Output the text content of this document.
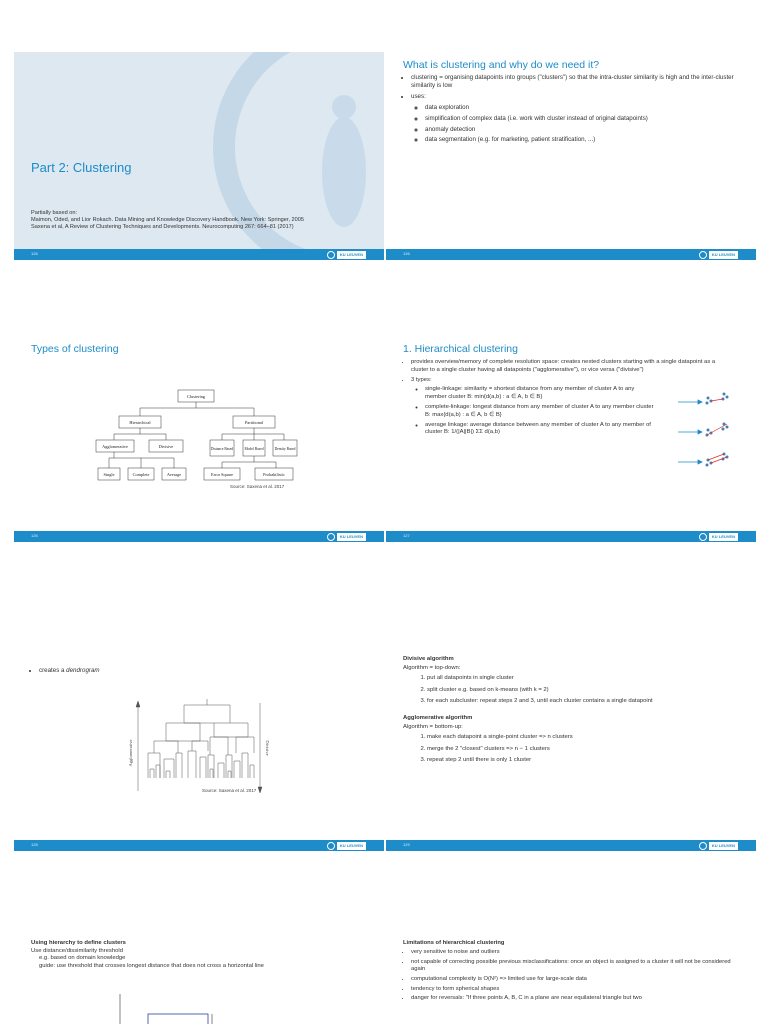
Part 2: Clustering
Partially based on:
Maimon, Oded, and Lior Rokach. Data Mining and Knowledge Discovery Handbook. New York: Springer, 2005
Saxena et al, A Review of Clustering Techniques and Developments. Neurocomputing 267: 664–81 (2017)
126	KU LEUVEN
What is clustering and why do we need it?
• clustering = organising datapoints into groups ("clusters") so that the intra-cluster similarity is high and the inter-cluster similarity is low
• uses:
◦ data exploration
◦ simplification of complex data (i.e. work with cluster instead of original datapoints)
◦ anomaly detection
◦ data segmentation (e.g. for marketing, patient stratification, ...)
126	KU LEUVEN
Types of clustering
Clustering
Hierarchical	Partitional
Agglomerative	Divisive	Distance Based	Model Based	Density Based
Single	Complete	Average	Error Square	Probabilistic
Source: Saxena et al. 2017
126	KU LEUVEN
1. Hierarchical clustering
• provides overview/memory of complete resolution space: creates nested clusters starting with a single datapoint as a cluster to a single cluster having all datapoints ("agglomerative"), or vice versa ("divisive")
• 3 types:
◦ single-linkage: similarity = shortest distance from any member of cluster A to any member cluster B: min{d(a,b) : a ∈ A, b ∈ B}
◦ complete-linkage: longest distance from any member of cluster A to any member cluster B: max{d(a,b) : a ∈ A, b ∈ B}
◦ average linkage: average distance between any member of cluster A to any member of cluster B: 1/(|A||B|) ΣΣ d(a,b)
127	KU LEUVEN
• creates a dendrogram
Agglomerative	Divisive
Source: Saxena et al. 2017
128	KU LEUVEN
Divisive algorithm
Algorithm = top-down:
1. put all datapoints in single cluster
2. split cluster e.g. based on k-means (with k = 2)
3. for each subcluster: repeat steps 2 and 3, until each cluster contains a single datapoint
Agglomerative algorithm
Algorithm = bottom-up:
1. make each datapoint a single-point cluster => n clusters
2. merge the 2 "closest" clusters => n − 1 clusters
3. repeat step 2 until there is only 1 cluster
129	KU LEUVEN
Using hierarchy to define clusters
Use distance/dissimilarity threshold
e.g. based on domain knowledge
guide: use threshold that crosses longest distance that does not cross a horizontal line
Limitations of hierarchical clustering
• very sensitive to noise and outliers
• not capable of correcting possible previous misclassifications: once an object is assigned to a cluster it will not be considered again
• computational complexity is O(N²) => limited use for large-scale data
• tendency to form spherical shapes
• danger for reversals: "If three points A, B, C in a plane are near equilateral triangle but two
